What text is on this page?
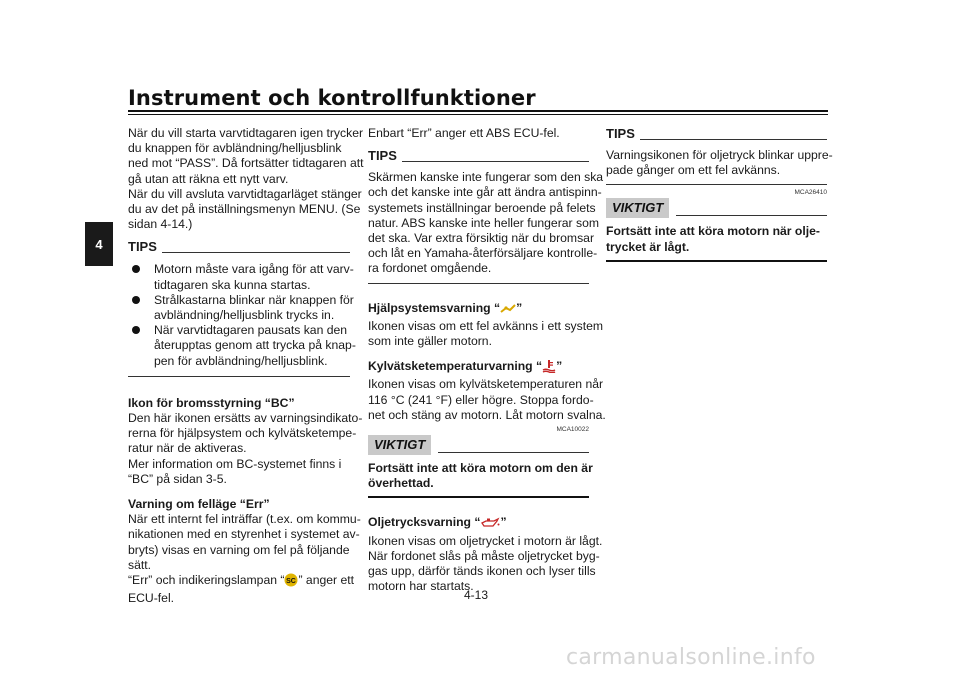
Instrument och kontrollfunktioner
4
När du vill starta varvtidtagaren igen trycker
du knappen för avbländning/helljusblink
ned mot “PASS”. Då fortsätter tidtagaren att
gå utan att räkna ett nytt varv.
När du vill avsluta varvtidtagarläget stänger
du av det på inställningsmenyn MENU. (Se
sidan 4-14.)
TIPS
Motorn måste vara igång för att varv-
tidtagaren ska kunna startas.
Strålkastarna blinkar när knappen för
avbländning/helljusblink trycks in.
När varvtidtagaren pausats kan den
återupptas genom att trycka på knap-
pen för avbländning/helljusblink.
Ikon för bromsstyrning “BC”
Den här ikonen ersätts av varningsindikato-
rerna för hjälpsystem och kylvätsketempe-
ratur när de aktiveras.
Mer information om BC-systemet finns i
“BC” på sidan 3-5.
Varning om felläge “Err”
När ett internt fel inträffar (t.ex. om kommu-
nikationen med en styrenhet i systemet av-
bryts) visas en varning om fel på följande
sätt.
“Err” och indikeringslampan “ SC ” anger ett
ECU-fel.
Enbart “Err” anger ett ABS ECU-fel.
TIPS
Skärmen kanske inte fungerar som den ska
och det kanske inte går att ändra antispinn-
systemets inställningar beroende på felets
natur. ABS kanske inte heller fungerar som
det ska. Var extra försiktig när du bromsar
och låt en Yamaha-återförsäljare kontrolle-
ra fordonet omgående.
Hjälpsystemsvarning “ ”
Ikonen visas om ett fel avkänns i ett system
som inte gäller motorn.
Kylvätsketemperaturvarning “ ”
Ikonen visas om kylvätsketemperaturen når
116 °C (241 °F) eller högre. Stoppa fordo-
net och stäng av motorn. Låt motorn svalna.
MCA10022
VIKTIGT
Fortsätt inte att köra motorn om den är
överhettad.
Oljetrycksvarning “ ”
Ikonen visas om oljetrycket i motorn är lågt.
När fordonet slås på måste oljetrycket byg-
gas upp, därför tänds ikonen och lyser tills
motorn har startats.
TIPS
Varningsikonen för oljetryck blinkar uppre-
pade gånger om ett fel avkänns.
MCA26410
VIKTIGT
Fortsätt inte att köra motorn när olje-
trycket är lågt.
4-13
carmanualsonline.info
